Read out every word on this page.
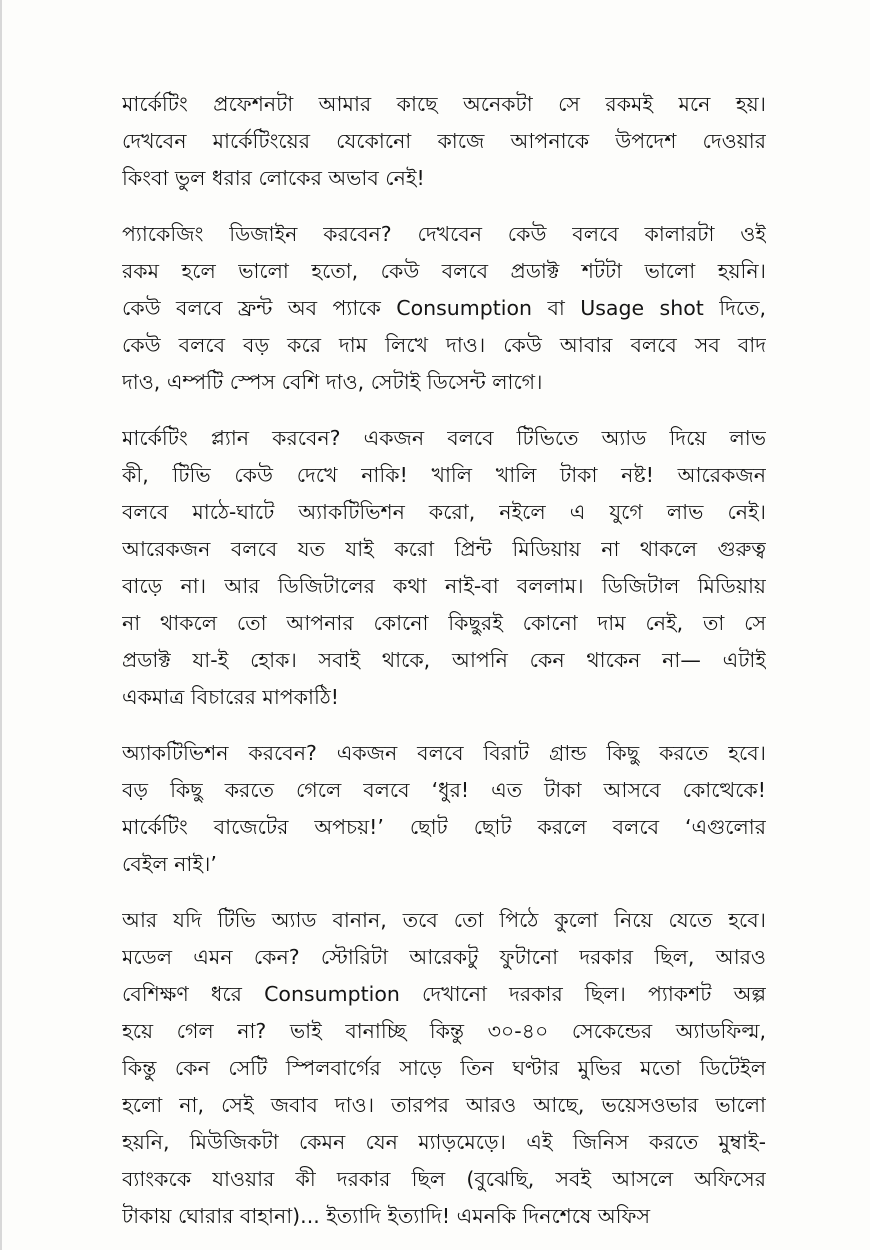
মার্কেটিং প্রফেশনটা আমার কাছে অনেকটা সে রকমই মনে হয়।
দেখবেন মার্কেটিংয়ের যেকোনো কাজে আপনাকে উপদেশ দেওয়ার
কিংবা ভুল ধরার লোকের অভাব নেই!
প্যাকেজিং ডিজাইন করবেন? দেখবেন কেউ বলবে কালারটা ওই
রকম হলে ভালো হতো, কেউ বলবে প্রডাক্ট শটটা ভালো হয়নি।
কেউ বলবে ফ্রন্ট অব প্যাকে Consumption বা Usage shot দিতে,
কেউ বলবে বড় করে দাম লিখে দাও। কেউ আবার বলবে সব বাদ
দাও, এম্পটি স্পেস বেশি দাও, সেটাই ডিসেন্ট লাগে।
মার্কেটিং প্ল্যান করবেন? একজন বলবে টিভিতে অ্যাড দিয়ে লাভ
কী, টিভি কেউ দেখে নাকি! খালি খালি টাকা নষ্ট! আরেকজন
বলবে মাঠে-ঘাটে অ্যাকটিভিশন করো, নইলে এ যুগে লাভ নেই।
আরেকজন বলবে যত যাই করো প্রিন্ট মিডিয়ায় না থাকলে গুরুত্ব
বাড়ে না। আর ডিজিটালের কথা নাই-বা বললাম। ডিজিটাল মিডিয়ায়
না থাকলে তো আপনার কোনো কিছুরই কোনো দাম নেই, তা সে
প্রডাক্ট যা-ই হোক। সবাই থাকে, আপনি কেন থাকেন না— এটাই
একমাত্র বিচারের মাপকাঠি!
অ্যাকটিভিশন করবেন? একজন বলবে বিরাট গ্রান্ড কিছু করতে হবে।
বড় কিছু করতে গেলে বলবে ‘ধুর! এত টাকা আসবে কোত্থেকে!
মার্কেটিং বাজেটের অপচয়!’ ছোট ছোট করলে বলবে ‘এগুলোর
বেইল নাই।’
আর যদি টিভি অ্যাড বানান, তবে তো পিঠে কুলো নিয়ে যেতে হবে।
মডেল এমন কেন? স্টোরিটা আরেকটু ফুটানো দরকার ছিল, আরও
বেশিক্ষণ ধরে Consumption দেখানো দরকার ছিল। প্যাকশট অল্প
হয়ে গেল না? ভাই বানাচ্ছি কিন্তু ৩০-৪০ সেকেন্ডের অ্যাডফিল্ম,
কিন্তু কেন সেটি স্পিলবার্গের সাড়ে তিন ঘণ্টার মুভির মতো ডিটেইল
হলো না, সেই জবাব দাও। তারপর আরও আছে, ভয়েসওভার ভালো
হয়নি, মিউজিকটা কেমন যেন ম্যাড়মেড়ে। এই জিনিস করতে মুম্বাই-
ব্যাংককে যাওয়ার কী দরকার ছিল (বুঝেছি, সবই আসলে অফিসের
টাকায় ঘোরার বাহানা)... ইত্যাদি ইত্যাদি! এমনকি দিনশেষে অফিস
